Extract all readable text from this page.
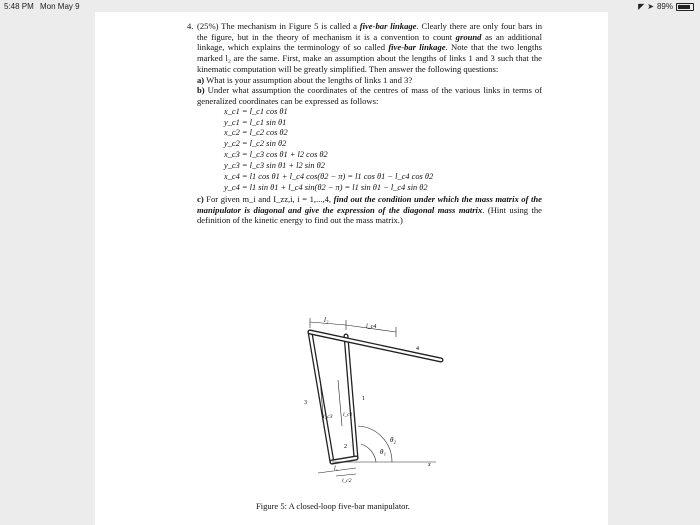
5:48 PM Mon May 9	◤ ➤ 89%
4. (25%) The mechanism in Figure 5 is called a five-bar linkage. Clearly there are only four bars in the figure, but in the theory of mechanism it is a convention to count ground as an additional linkage, which explains the terminology of so called five-bar linkage. Note that the two lengths marked l₂ are the same. First, make an assumption about the lengths of links 1 and 3 such that the kinematic computation will be greatly simplified. Then answer the following questions:

a) What is your assumption about the lengths of links 1 and 3?

b) Under what assumption the coordinates of the centres of mass of the various links in terms of generalized coordinates can be expressed as follows:

x_c1 = l_c1 cos θ1
y_c1 = l_c1 sin θ1
x_c2 = l_c2 cos θ2
y_c2 = l_c2 sin θ2
x_c3 = l_c3 cos θ1 + l2 cos θ2
y_c3 = l_c3 sin θ1 + l2 sin θ2
x_c4 = l1 cos θ1 + l_c4 cos(θ2 − π) = l1 cos θ1 − l_c4 cos θ2
y_c4 = l1 sin θ1 + l_c4 sin(θ2 − π) = l1 sin θ1 − l_c4 sin θ2

c) For given m_i and I_zz,i, i = 1,...,4, find out the condition under which the mass matrix of the manipulator is diagonal and give the expression of the diagonal mass matrix. (Hint using the definition of the kinetic energy to find out the mass matrix.)

l₂
l_c4
4
3
1
l_c3 l_c1
2
θ₂
θ₁
x
l₂
l_c2
Figure 5: A closed-loop five-bar manipulator.
